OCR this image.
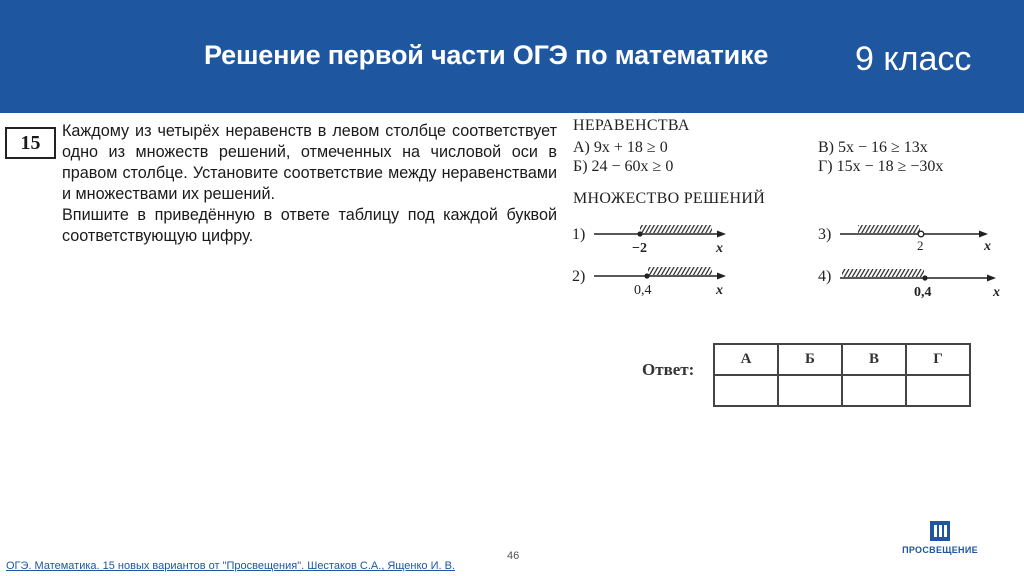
Решение первой части ОГЭ по математике	9 класс
15

Каждому из четырёх неравенств в левом столбце соответствует одно из множеств решений, отмеченных на числовой оси в правом столбце. Установите соответствие между неравенствами и множествами их решений.

Впишите в приведённую в ответе таблицу под каждой буквой соответствующую цифру.

НЕРАВЕНСТВА
А) 9x + 18 ≥ 0
Б) 24 − 60x ≥ 0
В) 5x − 16 ≥ 13x
Г) 15x − 18 ≥ −30x
МНОЖЕСТВО РЕШЕНИЙ
1)
−2	x
2)
0,4	x
3)
2	x
4)
0,4	x
Ответ:
А	Б	В	Г

46
ОГЭ. Математика. 15 новых вариантов от "Просвещения". Шестаков С.А., Ященко И. В.
ПРОСВЕЩЕНИЕ
